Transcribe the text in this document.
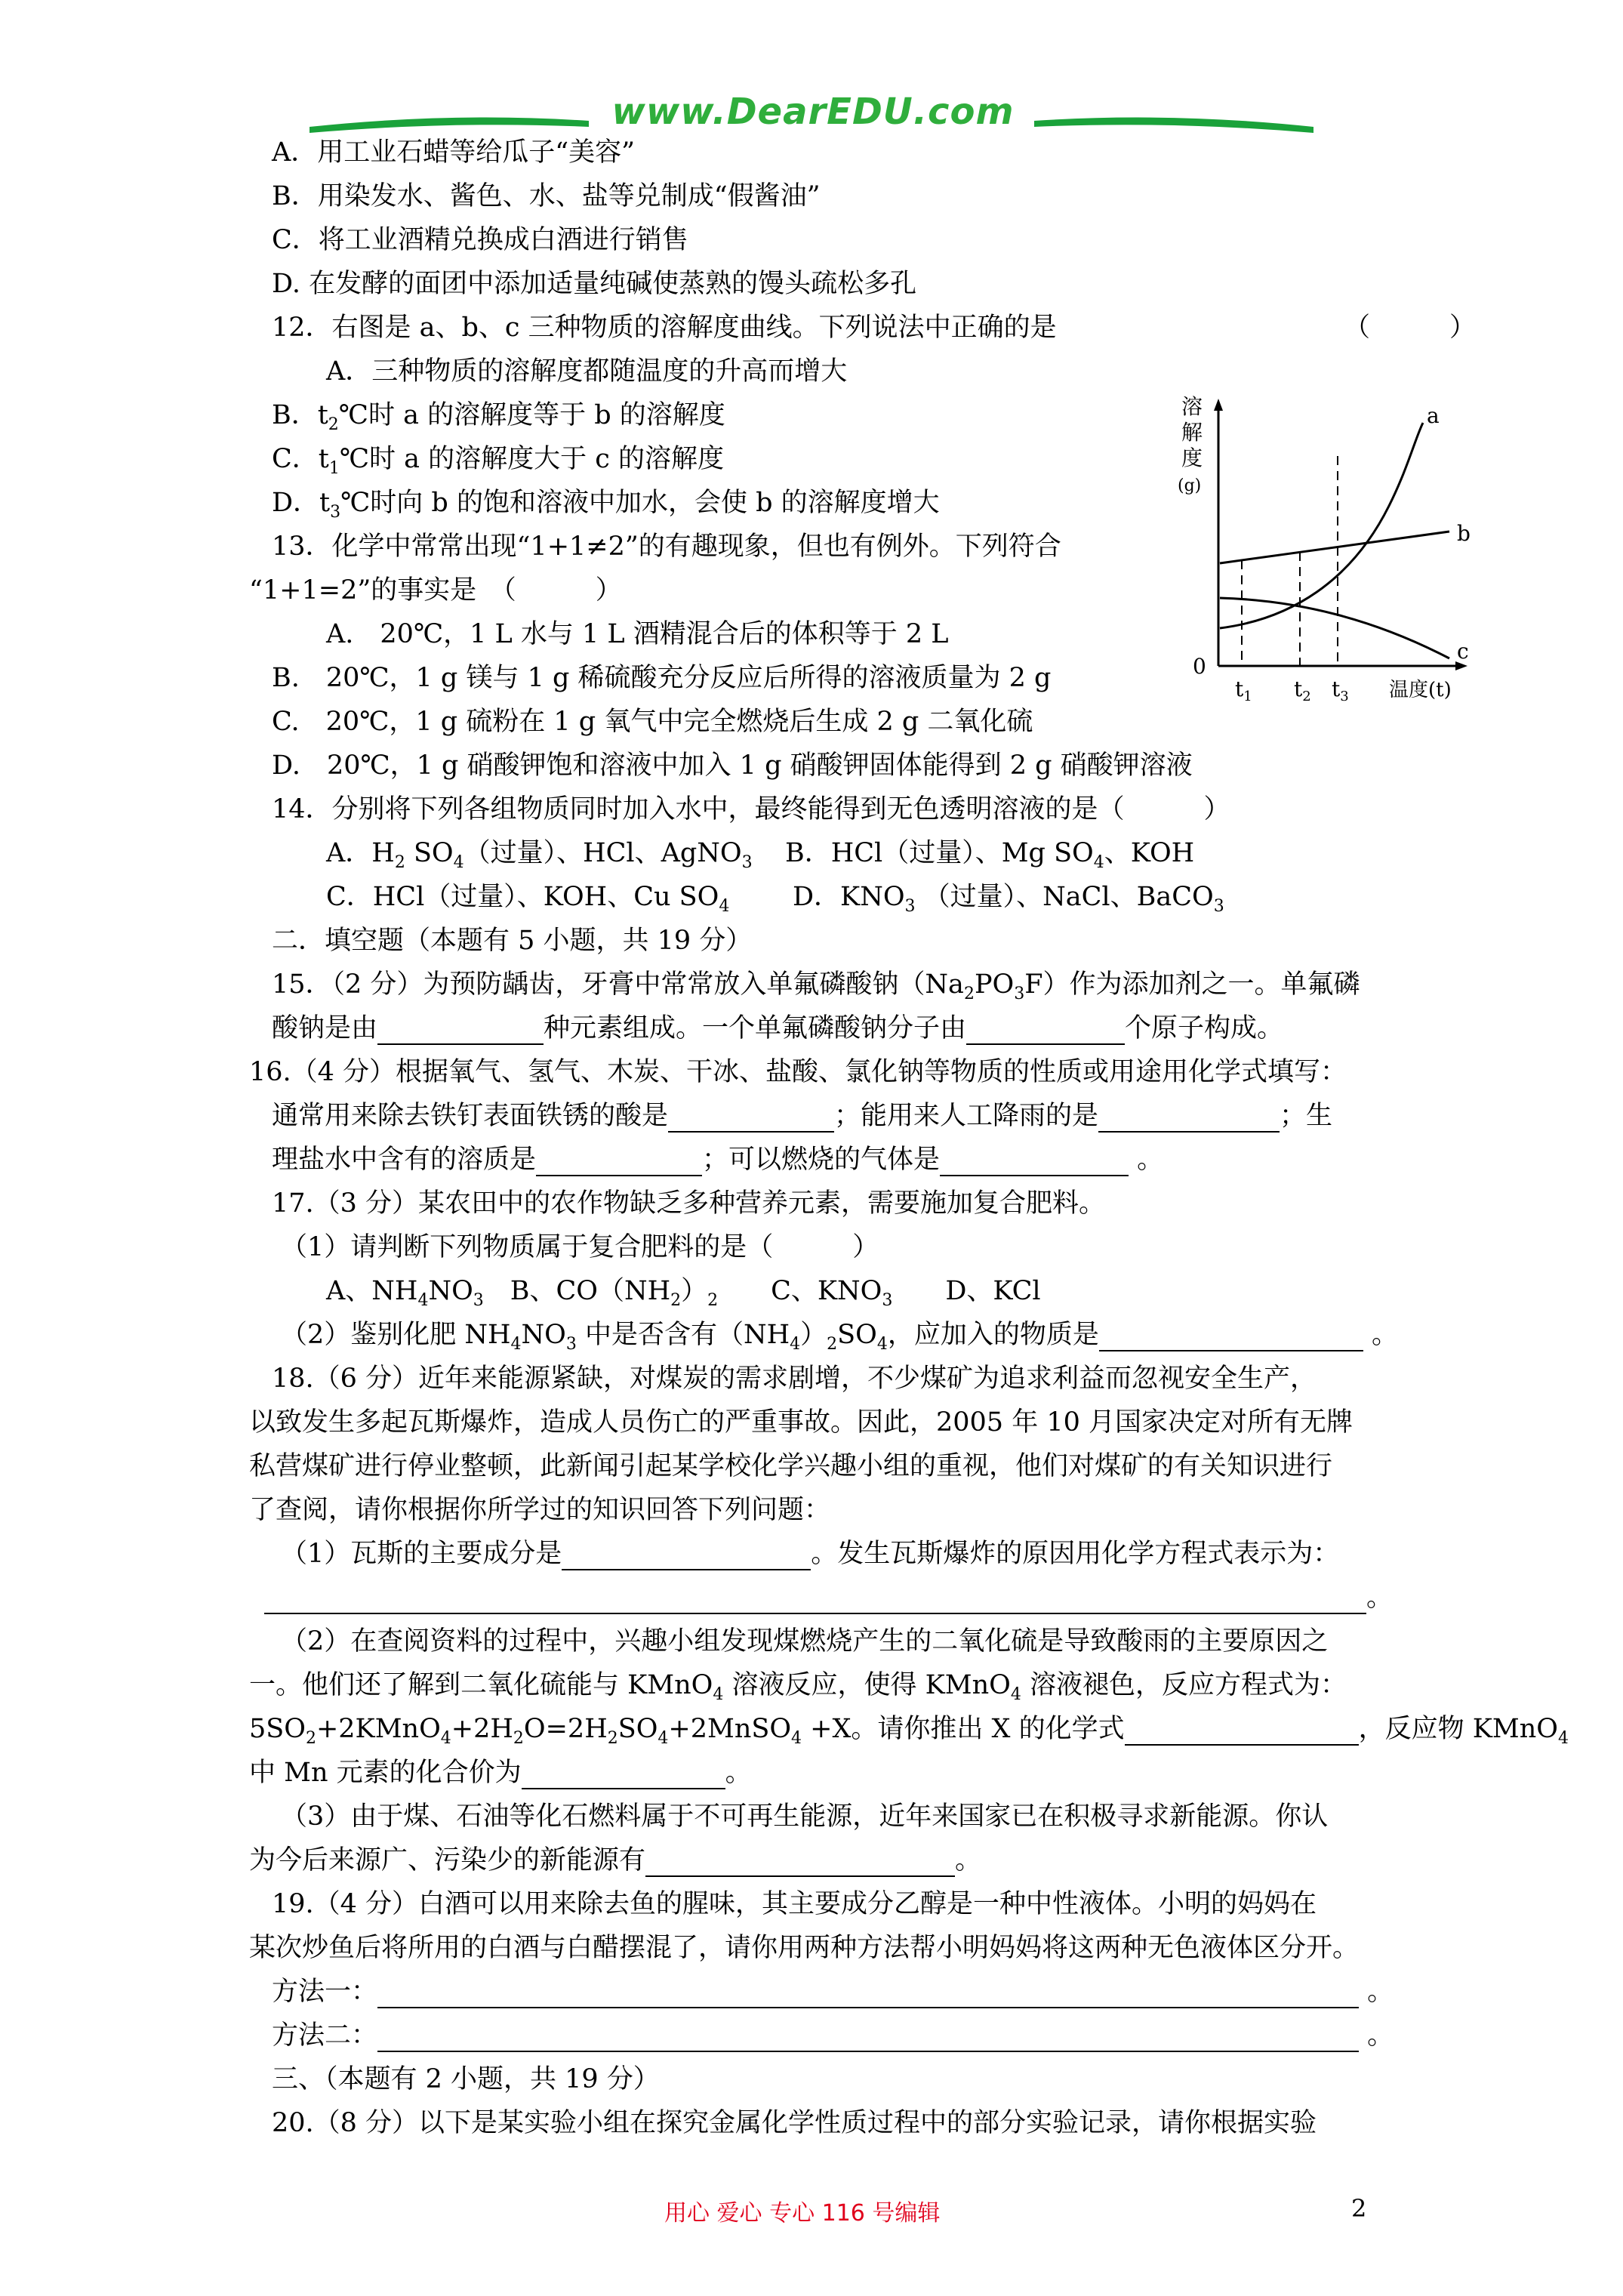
www.DearEDU.com
A．用工业石蜡等给瓜子“美容”
B．用染发水、酱色、水、盐等兑制成“假酱油”
C．将工业酒精兑换成白酒进行销售
D. 在发酵的面团中添加适量纯碱使蒸熟的馒头疏松多孔
12．右图是 a、b、c 三种物质的溶解度曲线。下列说法中正确的是	（　　　）
A．三种物质的溶解度都随温度的升高而增大
B．$t_2℃$时 a 的溶解度等于 b 的溶解度
C．$t_1℃$时 a 的溶解度大于 c 的溶解度
D．$t_3℃$时向 b 的饱和溶液中加水，会使 b 的溶解度增大
13．化学中常常出现“1+1≠2”的有趣现象，但也有例外。下列符合
“1+1=2”的事实是　（　　　）
A.　20℃，1 L 水与 1 L 酒精混合后的体积等于 2 L
B.　20℃，1 g 镁与 1 g 稀硫酸充分反应后所得的溶液质量为 2 g
C.　20℃，1 g 硫粉在 1 g 氧气中完全燃烧后生成 2 g 二氧化硫
D.　20℃，1 g 硝酸钾饱和溶液中加入 1 g 硝酸钾固体能得到 2 g 硝酸钾溶液
14．分别将下列各组物质同时加入水中，最终能得到无色透明溶液的是（　　　）
A．$H_2$ $SO_4$（过量）、HCl、AgNO$_3$ B．HCl（过量）、Mg $SO_4$、KOH
C．HCl（过量）、KOH、Cu $SO_4$ D．$KNO_3$ （过量）、NaCl、BaCO$_3$
二．填空题（本题有 5 小题，共 19 分）
15．（2 分）为预防龋齿，牙膏中常常放入单氟磷酸钠$(Na_2PO_3F)$作为添加剂之一。单氟磷
酸钠是由	种元素组成。一个单氟磷酸钠分子由	个原子构成。
16.（4 分）根据氧气、氢气、木炭、干冰、盐酸、氯化钠等物质的性质或用途用化学式填写：
通常用来除去铁钉表面铁锈的酸是	；能用来人工降雨的是	；生
理盐水中含有的溶质是	；可以燃烧的气体是	。
17.（3 分）某农田中的农作物缺乏多种营养元素，需要施加复合肥料。
（1）请判断下列物质属于复合肥料的是（　　　）
A、$NH_4NO_3$　B、$CO(NH_2)_2$　　C、$KNO_3$　　D、KCl
（2）鉴别化肥 $NH_4NO_3$ 中是否含有$(NH_4)_2SO_4$，应加入的物质是	。
18.（6 分）近年来能源紧缺，对煤炭的需求剧增，不少煤矿为追求利益而忽视安全生产，
以致发生多起瓦斯爆炸，造成人员伤亡的严重事故。因此，2005 年 10 月国家决定对所有无牌
私营煤矿进行停业整顿，此新闻引起某学校化学兴趣小组的重视，他们对煤矿的有关知识进行
了查阅，请你根据你所学过的知识回答下列问题：
（1）瓦斯的主要成分是	。发生瓦斯爆炸的原因用化学方程式表示为：
。
（2）在查阅资料的过程中，兴趣小组发现煤燃烧产生的二氧化硫是导致酸雨的主要原因之
一。他们还了解到二氧化硫能与 KMnO$_4$ 溶液反应，使得 KMnO$_4$ 溶液褪色，反应方程式为：
$5SO_2+2KMnO_4+2H_2O=2H_2SO_4+2MnSO_4 +X$。请你推出 X 的化学式	，反应物 KMnO$_4$
中 Mn 元素的化合价为	。
（3）由于煤、石油等化石燃料属于不可再生能源，近年来国家已在积极寻求新能源。你认
为今后来源广、污染少的新能源有	。
19.（4 分）白酒可以用来除去鱼的腥味，其主要成分乙醇是一种中性液体。小明的妈妈在
某次炒鱼后将所用的白酒与白醋摆混了，请你用两种方法帮小明妈妈将这两种无色液体区分开。
方法一：	。
方法二：	。
三、（本题有 2 小题，共 19 分）
20.（8 分）以下是某实验小组在探究金属化学性质过程中的部分实验记录，请你根据实验
溶
解
度
(g)
a
b
c
0
$t_1$ $t_2$ $t_3$ 温度(t)
用心 爱心 专心 116 号编辑	2
